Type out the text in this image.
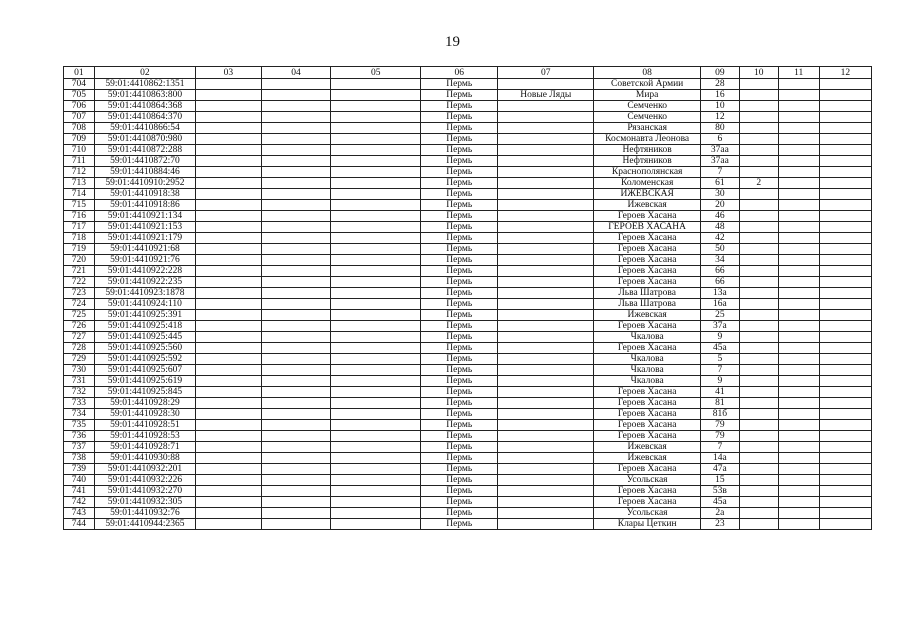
19
01	02	03	04	05	06	07	08	09	10	11	12
704	59:01:4410862:1351				Пермь		Советской Армии	28			
705	59:01:4410863:800				Пермь	Новые Ляды	Мира	16			
706	59:01:4410864:368				Пермь		Семченко	10			
707	59:01:4410864:370				Пермь		Семченко	12			
708	59:01:4410866:54				Пермь		Рязанская	80			
709	59:01:4410870:980				Пермь		Космонавта Леонова	6			
710	59:01:4410872:288				Пермь		Нефтяников	37аа			
711	59:01:4410872:70				Пермь		Нефтяников	37аа			
712	59:01:4410884:46				Пермь		Краснополянская	7			
713	59:01:4410910:2952				Пермь		Коломенская	61	2		
714	59:01:4410918:38				Пермь		ИЖЕВСКАЯ	30			
715	59:01:4410918:86				Пермь		Ижевская	20			
716	59:01:4410921:134				Пермь		Героев Хасана	46			
717	59:01:4410921:153				Пермь		ГЕРОЕВ ХАСАНА	48			
718	59:01:4410921:179				Пермь		Героев Хасана	42			
719	59:01:4410921:68				Пермь		Героев Хасана	50			
720	59:01:4410921:76				Пермь		Героев Хасана	34			
721	59:01:4410922:228				Пермь		Героев Хасана	66			
722	59:01:4410922:235				Пермь		Героев Хасана	66			
723	59:01:4410923:1878				Пермь		Льва Шатрова	13а			
724	59:01:4410924:110				Пермь		Льва Шатрова	16а			
725	59:01:4410925:391				Пермь		Ижевская	25			
726	59:01:4410925:418				Пермь		Героев Хасана	37а			
727	59:01:4410925:445				Пермь		Чкалова	9			
728	59:01:4410925:560				Пермь		Героев Хасана	45а			
729	59:01:4410925:592				Пермь		Чкалова	5			
730	59:01:4410925:607				Пермь		Чкалова	7			
731	59:01:4410925:619				Пермь		Чкалова	9			
732	59:01:4410925:845				Пермь		Героев Хасана	41			
733	59:01:4410928:29				Пермь		Героев Хасана	81			
734	59:01:4410928:30				Пермь		Героев Хасана	81б			
735	59:01:4410928:51				Пермь		Героев Хасана	79			
736	59:01:4410928:53				Пермь		Героев Хасана	79			
737	59:01:4410928:71				Пермь		Ижевская	7			
738	59:01:4410930:88				Пермь		Ижевская	14а			
739	59:01:4410932:201				Пермь		Героев Хасана	47а			
740	59:01:4410932:226				Пермь		Усольская	15			
741	59:01:4410932:270				Пермь		Героев Хасана	53в			
742	59:01:4410932:305				Пермь		Героев Хасана	45а			
743	59:01:4410932:76				Пермь		Усольская	2а			
744	59:01:4410944:2365				Пермь		Клары Цеткин	23			
